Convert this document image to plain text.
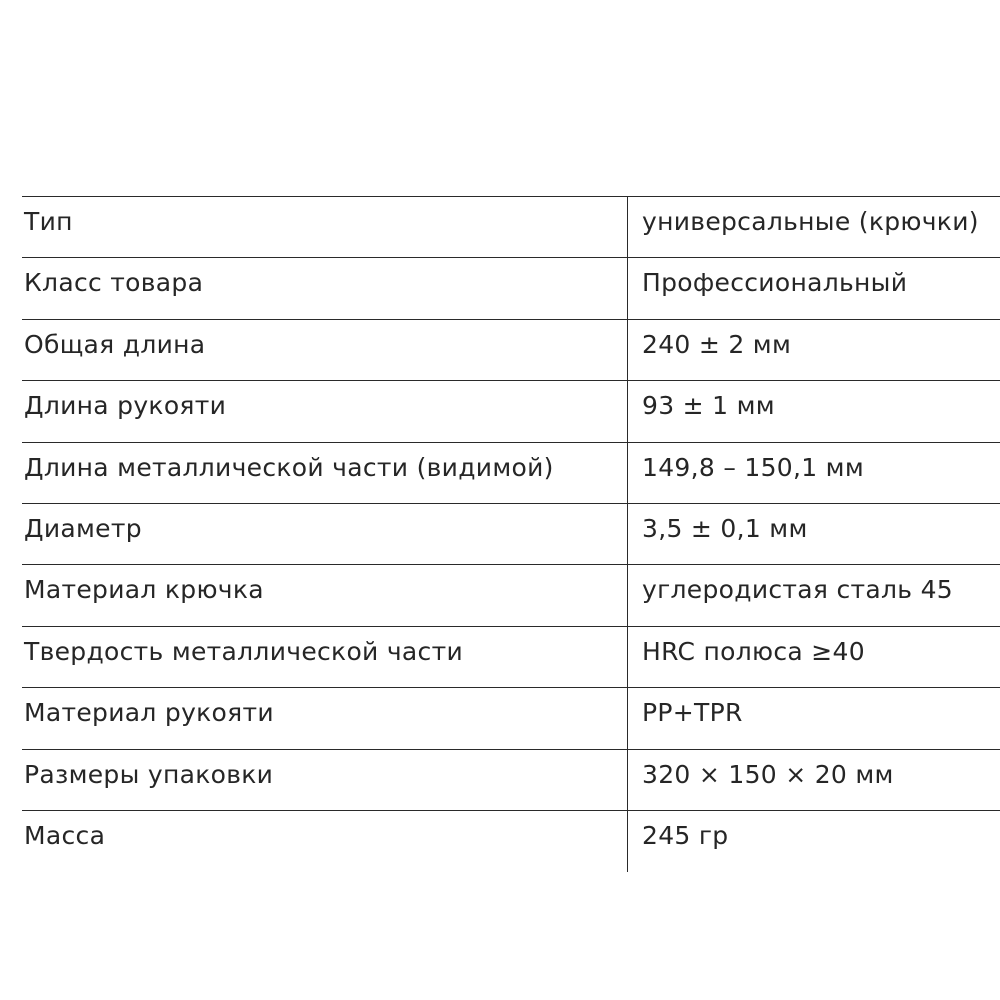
Тип	универсальные (крючки)
Класс товара	Профессиональный
Общая длина	240 ± 2 мм
Длина рукояти	93 ± 1 мм
Длина металлической части (видимой)	149,8 – 150,1 мм
Диаметр	3,5 ± 0,1 мм
Материал крючка	углеродистая сталь 45
Твердость металлической части	HRC полюса ≥40
Материал рукояти	PP+TPR
Размеры упаковки	320 × 150 × 20 мм
Масса	245 гр
